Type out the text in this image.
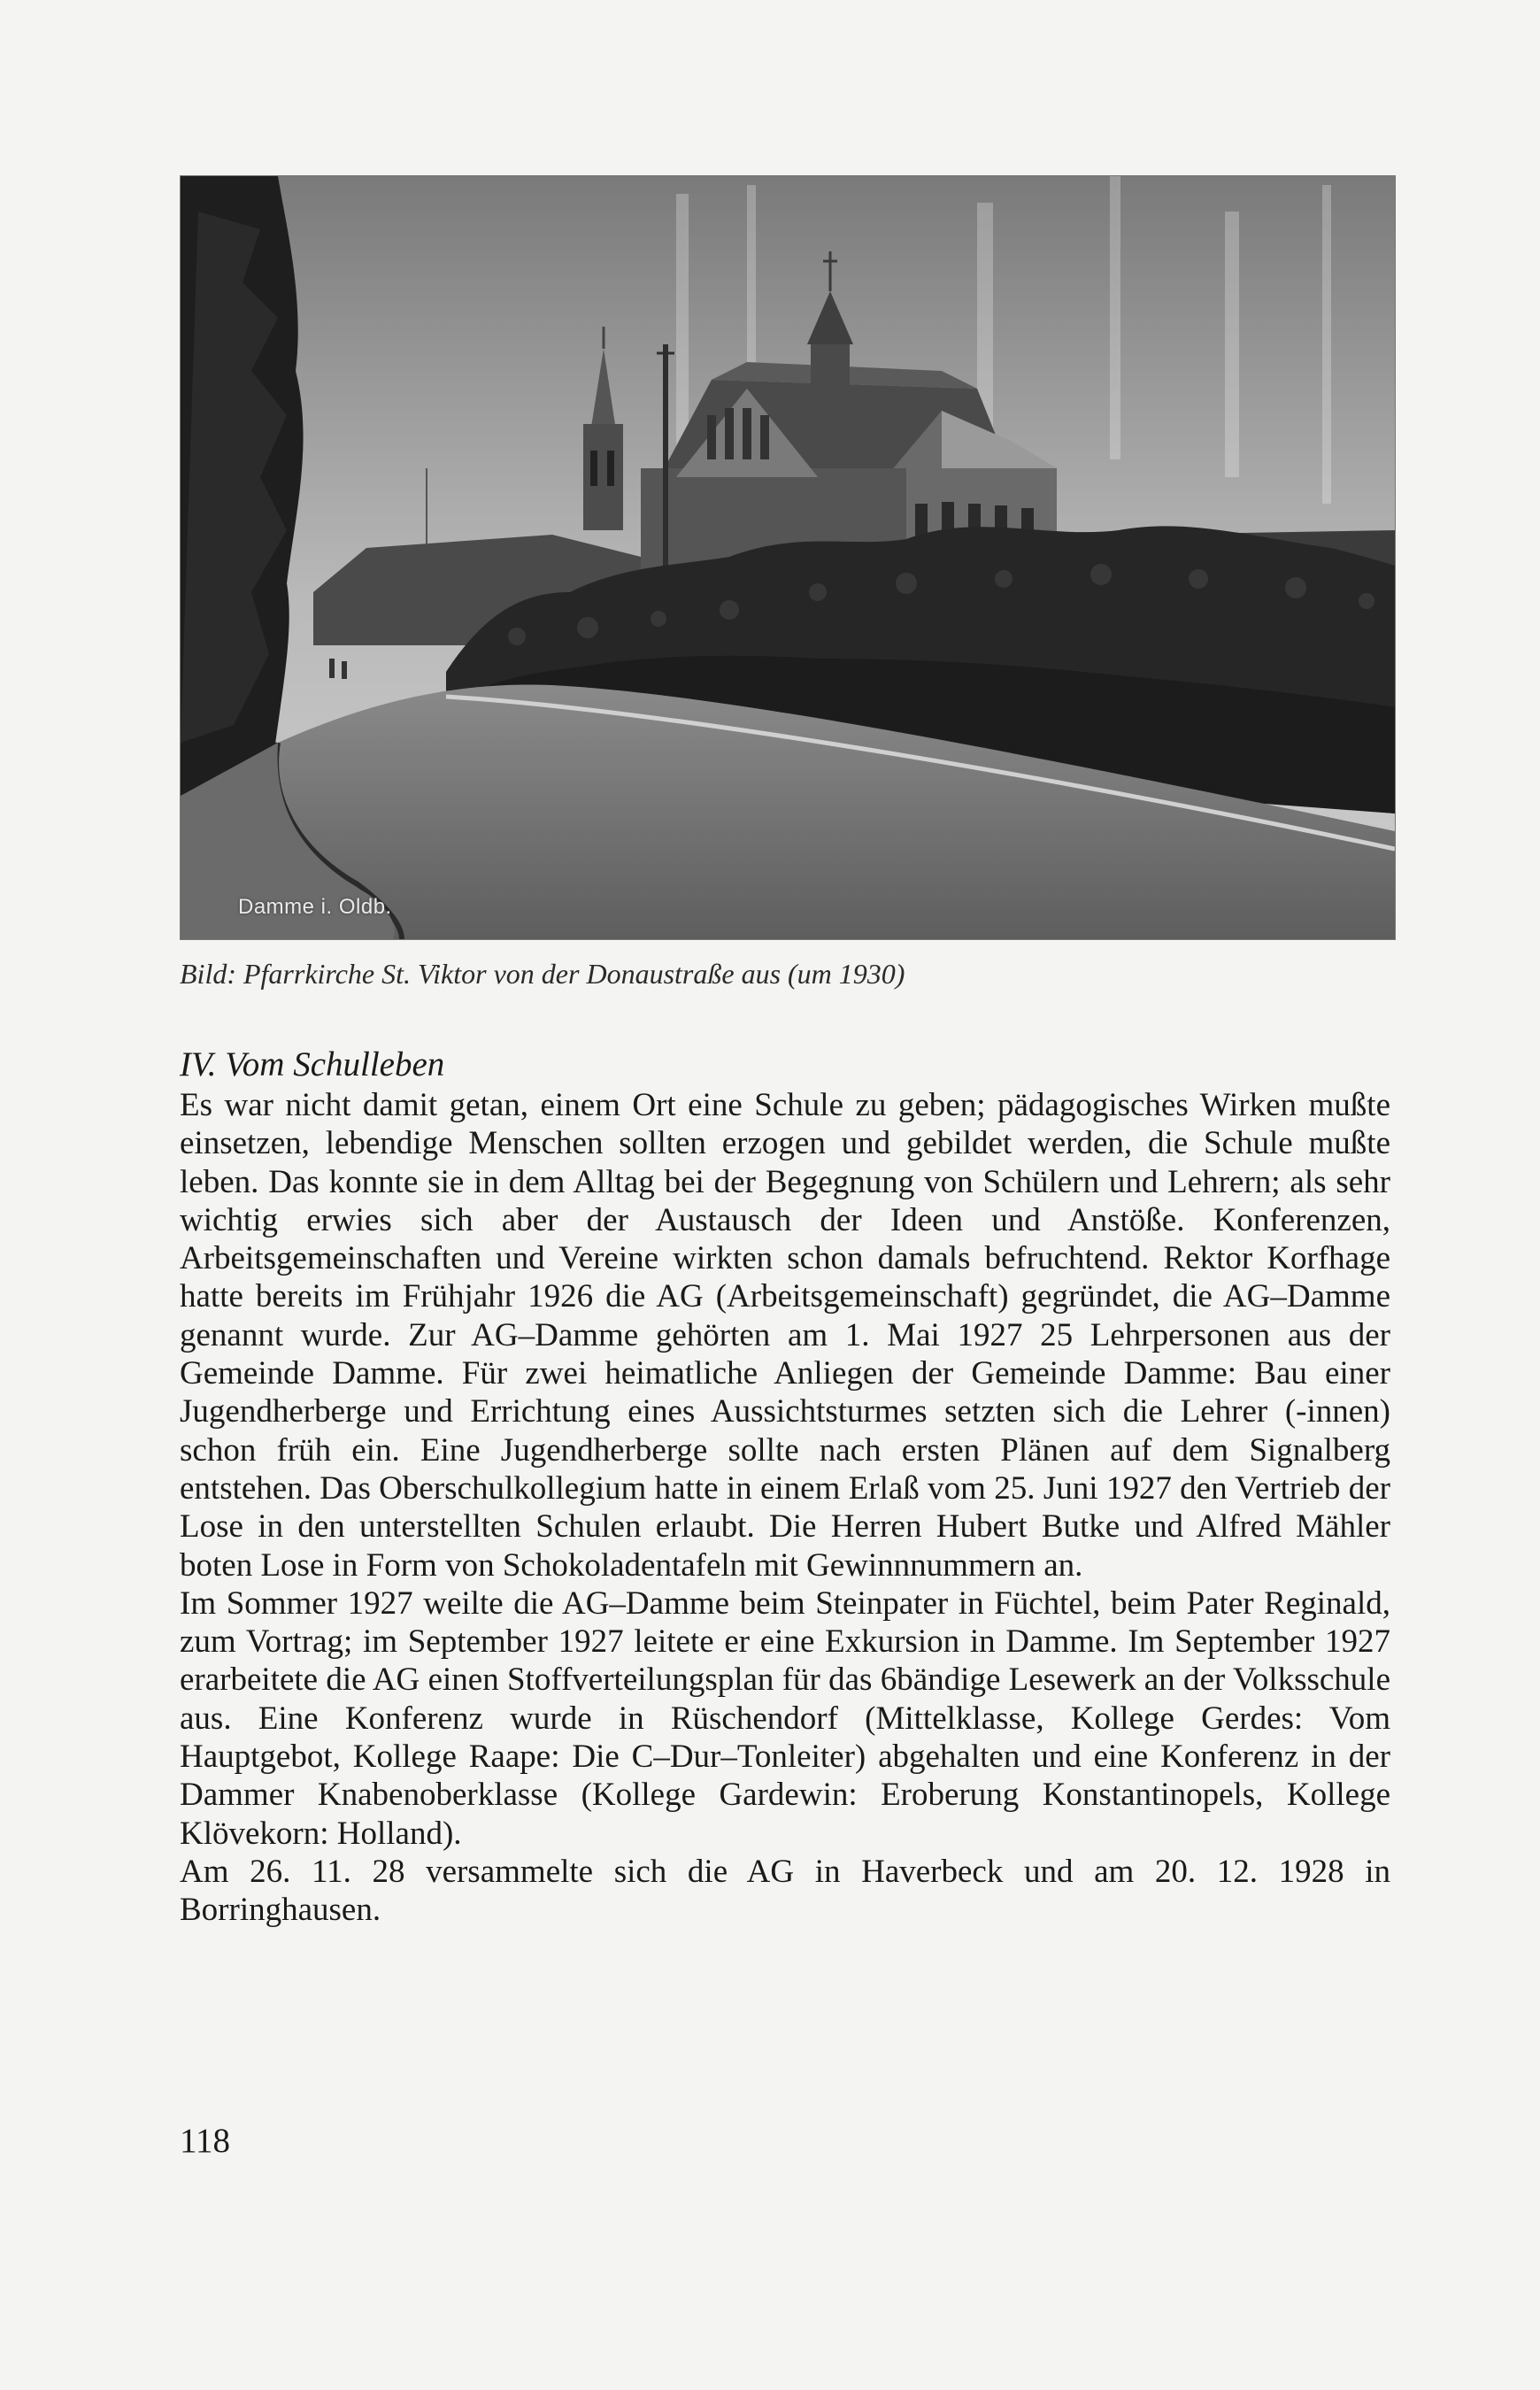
Damme i. Oldb.
Bild: Pfarrkirche St. Viktor von der Donaustraße aus (um 1930)
IV. Vom Schulleben

Es war nicht damit getan, einem Ort eine Schule zu geben; pädagogisches Wirken mußte einsetzen, lebendige Menschen sollten erzogen und gebildet werden, die Schule mußte leben. Das konnte sie in dem Alltag bei der Begegnung von Schülern und Lehrern; als sehr wichtig erwies sich aber der Austausch der Ideen und Anstöße. Konferenzen, Arbeitsgemeinschaften und Vereine wirkten schon damals befruchtend. Rektor Korfhage hatte bereits im Frühjahr 1926 die AG (Arbeitsgemeinschaft) gegründet, die AG–Damme genannt wurde. Zur AG–Damme gehörten am 1. Mai 1927 25 Lehrpersonen aus der Gemeinde Damme. Für zwei heimatliche Anliegen der Gemeinde Damme: Bau einer Jugendherberge und Errichtung eines Aussichtsturmes setzten sich die Lehrer (-innen) schon früh ein. Eine Jugendherberge sollte nach ersten Plänen auf dem Signalberg entstehen. Das Oberschulkollegium hatte in einem Erlaß vom 25. Juni 1927 den Vertrieb der Lose in den unterstellten Schulen erlaubt. Die Herren Hubert Butke und Alfred Mähler boten Lose in Form von Schokoladentafeln mit Gewinnnummern an.

Im Sommer 1927 weilte die AG–Damme beim Steinpater in Füchtel, beim Pater Reginald, zum Vortrag; im September 1927 leitete er eine Exkursion in Damme. Im September 1927 erarbeitete die AG einen Stoffverteilungsplan für das 6bändige Lesewerk an der Volksschule aus. Eine Konferenz wurde in Rüschendorf (Mittelklasse, Kollege Gerdes: Vom Hauptgebot, Kollege Raape: Die C–Dur–Tonleiter) abgehalten und eine Konferenz in der Dammer Knabenoberklasse (Kollege Gardewin: Eroberung Konstantinopels, Kollege Klövekorn: Holland).

Am 26. 11. 28 versammelte sich die AG in Haverbeck und am 20. 12. 1928 in Borringhausen.

118
